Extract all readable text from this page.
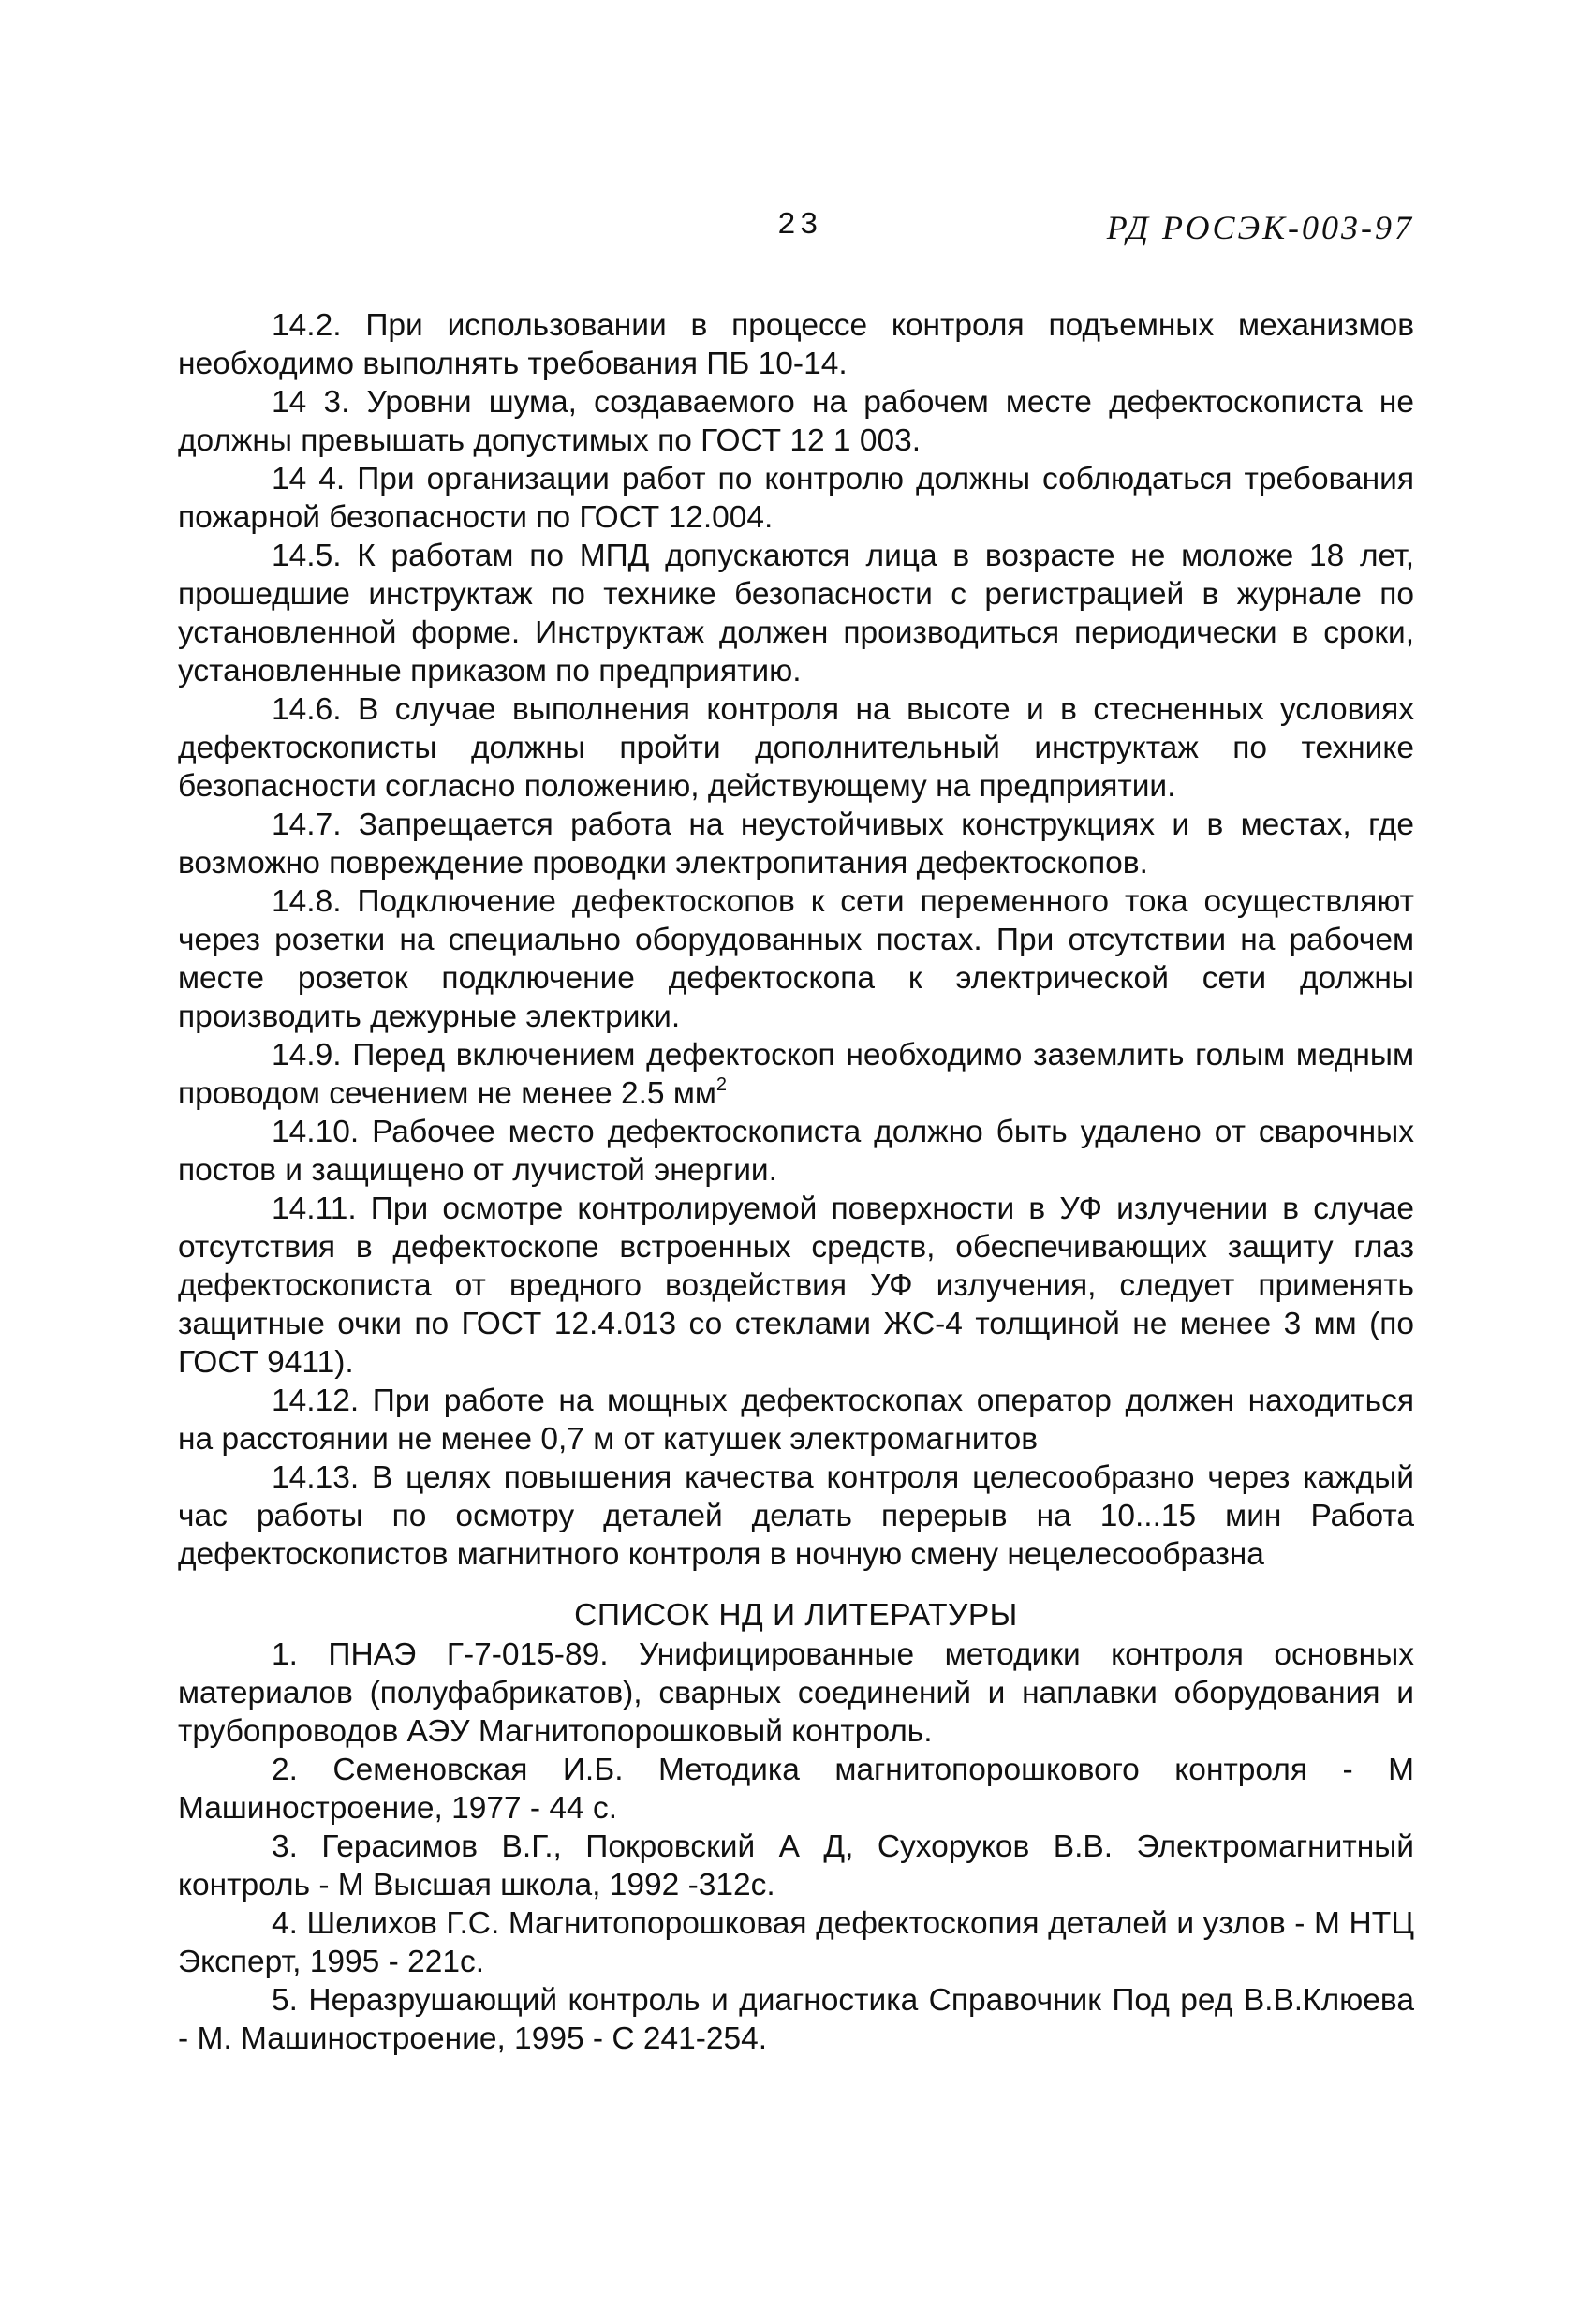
23	РД РОСЭК-003-97

14.2. При использовании в процессе контроля подъемных механизмов необходимо выполнять требования ПБ 10-14.

14 3. Уровни шума, создаваемого на рабочем месте дефектоскописта не должны превышать допустимых по ГОСТ 12 1 003.

14 4. При организации работ по контролю должны соблюдаться требования пожарной безопасности по ГОСТ 12.004.

14.5. К работам по МПД допускаются лица в возрасте не моложе 18 лет, прошедшие инструктаж по технике безопасности с регистрацией в журнале по установленной форме. Инструктаж должен производиться периодически в сроки, установленные приказом по предприятию.

14.6. В случае выполнения контроля на высоте и в стесненных условиях дефектоскописты должны пройти дополнительный инструктаж по технике безопасности согласно положению, действующему на предприятии.

14.7. Запрещается работа на неустойчивых конструкциях и в местах, где возможно повреждение проводки электропитания дефектоскопов.

14.8. Подключение дефектоскопов к сети переменного тока осуществляют через розетки на специально оборудованных постах. При отсутствии на рабочем месте розеток подключение дефектоскопа к электрической сети должны производить дежурные электрики.

14.9. Перед включением дефектоскоп необходимо заземлить голым медным проводом сечением не менее 2.5 $мм^2$

14.10. Рабочее место дефектоскописта должно быть удалено от сварочных постов и защищено от лучистой энергии.

14.11. При осмотре контролируемой поверхности в УФ излучении в случае отсутствия в дефектоскопе встроенных средств, обеспечивающих защиту глаз дефектоскописта от вредного воздействия УФ излучения, следует применять защитные очки по ГОСТ 12.4.013 со стеклами ЖС-4 толщиной не менее 3 мм (по ГОСТ 9411).

14.12. При работе на мощных дефектоскопах оператор должен находиться на расстоянии не менее 0,7 м от катушек электромагнитов

14.13. В целях повышения качества контроля целесообразно через каждый час работы по осмотру деталей делать перерыв на 10...15 мин Работа дефектоскопистов магнитного контроля в ночную смену нецелесообразна

СПИСОК НД И ЛИТЕРАТУРЫ

1. ПНАЭ Г-7-015-89. Унифицированные методики контроля основных материалов (полуфабрикатов), сварных соединений и наплавки оборудования и трубопроводов АЭУ Магнитопорошковый контроль.

2. Семеновская И.Б. Методика магнитопорошкового контроля - М Машиностроение, 1977 - 44 с.

3. Герасимов В.Г., Покровский А Д, Сухоруков В.В. Электромагнитный контроль - М Высшая школа, 1992 -312с.

4. Шелихов Г.С. Магнитопорошковая дефектоскопия деталей и узлов - М НТЦ Эксперт, 1995 - 221с.

5. Неразрушающий контроль и диагностика Справочник Под ред В.В.Клюева - М. Машиностроение, 1995 - С 241-254.
